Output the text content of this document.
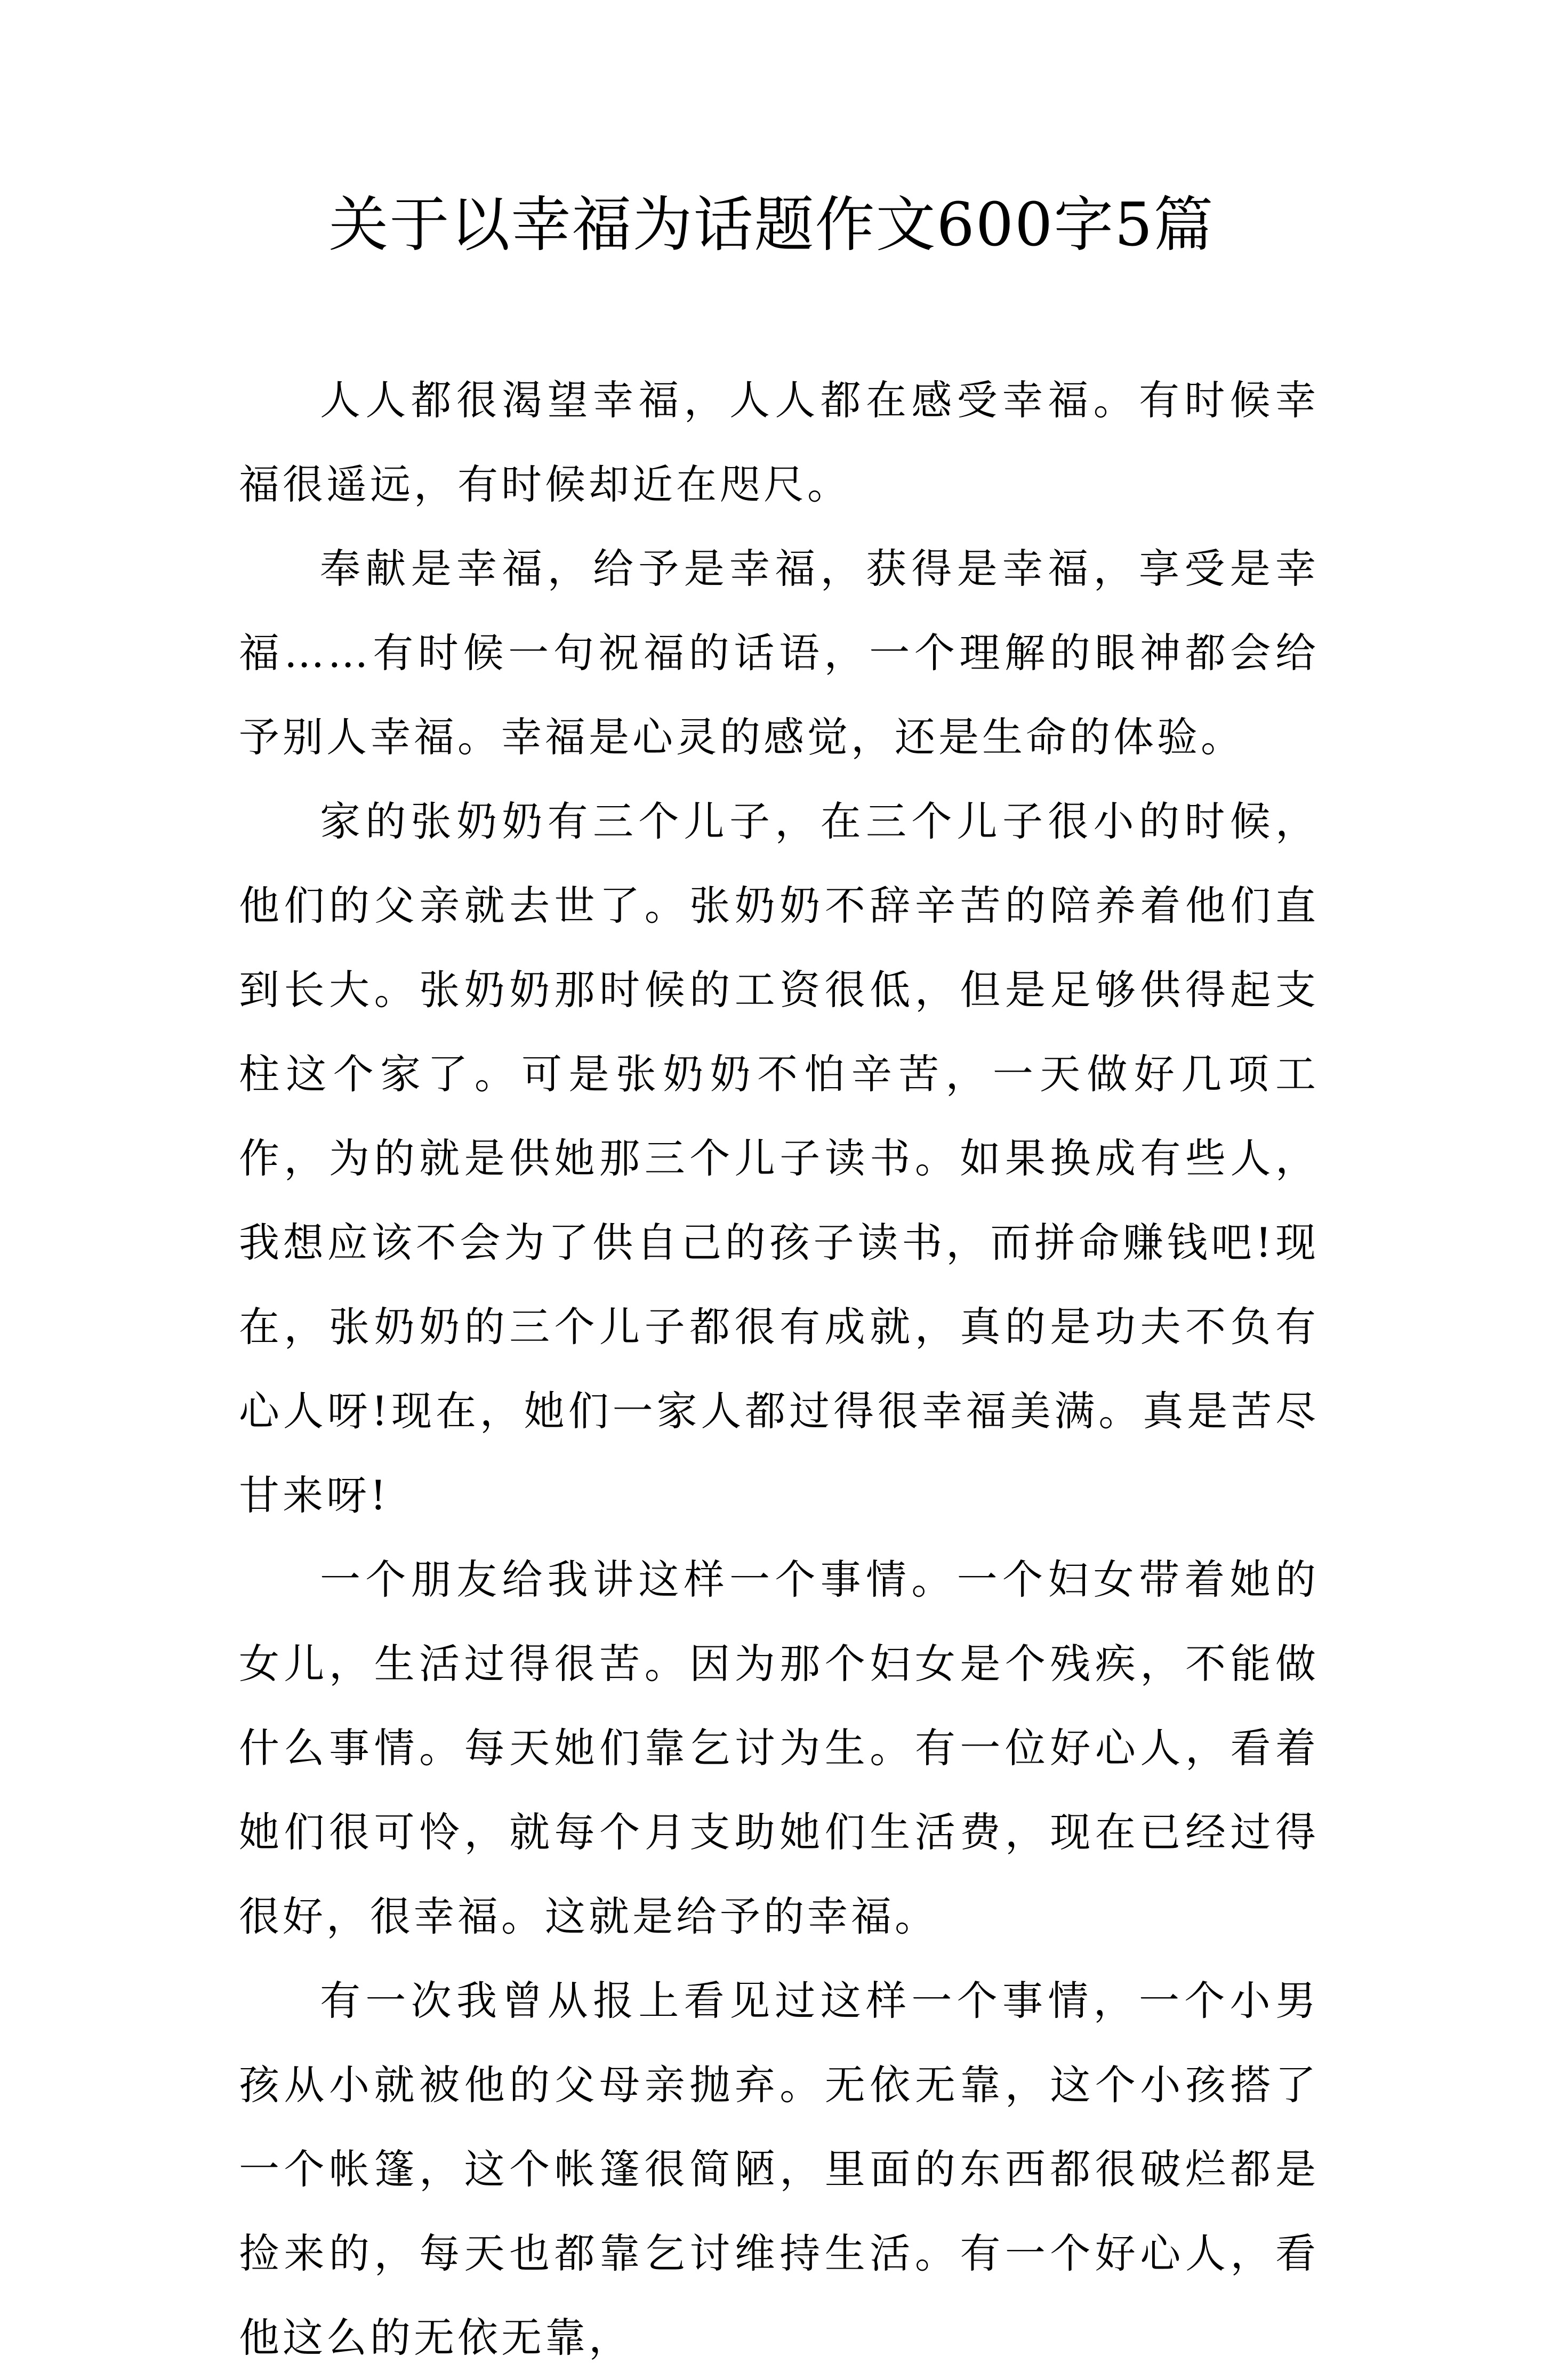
关于以幸福为话题作文600字5篇

人人都很渴望幸福，人人都在感受幸福。有时候幸福很遥远，有时候却近在咫尺。

奉献是幸福，给予是幸福，获得是幸福，享受是幸福……有时候一句祝福的话语，一个理解的眼神都会给予别人幸福。幸福是心灵的感觉，还是生命的体验。

家的张奶奶有三个儿子，在三个儿子很小的时候，他们的父亲就去世了。张奶奶不辞辛苦的陪养着他们直到长大。张奶奶那时候的工资很低，但是足够供得起支柱这个家了。可是张奶奶不怕辛苦，一天做好几项工作，为的就是供她那三个儿子读书。如果换成有些人，我想应该不会为了供自己的孩子读书，而拼命赚钱吧!现在，张奶奶的三个儿子都很有成就，真的是功夫不负有心人呀!现在，她们一家人都过得很幸福美满。真是苦尽甘来呀!

一个朋友给我讲这样一个事情。一个妇女带着她的女儿，生活过得很苦。因为那个妇女是个残疾，不能做什么事情。每天她们靠乞讨为生。有一位好心人，看着她们很可怜，就每个月支助她们生活费，现在已经过得很好，很幸福。这就是给予的幸福。

有一次我曾从报上看见过这样一个事情，一个小男孩从小就被他的父母亲抛弃。无依无靠，这个小孩搭了一个帐篷，这个帐篷很简陋，里面的东西都很破烂都是捡来的，每天也都靠乞讨维持生活。有一个好心人，看他这么的无依无靠，
